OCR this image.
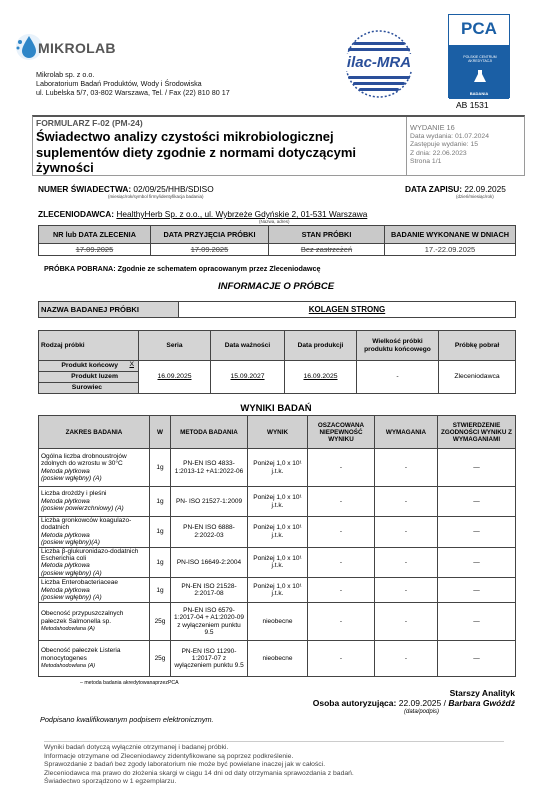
MIKROLAB
Mikrolab sp. z o.o.
Laboratorium Badań Produktów, Wody i Środowiska
ul. Lubelska 5/7, 03-802 Warszawa, Tel. / Fax (22) 810 80 17
ilac-MRA
PCA
POLSKIE CENTRUM AKREDYTACJI
BADANIA
AB 1531
FORMULARZ F-02 (PM-24)
Świadectwo analizy czystości mikrobiologicznej suplementów diety zgodnie z normami dotyczącymi żywności
WYDANIE 16
Data wydania: 01.07.2024
Zastępuje wydanie: 15
Z dnia: 22.06.2023
Strona 1/1
NUMER ŚWIADECTWA: 02/09/25/HHB/SDISO
(miesiąc/rok/symbol firmy/identyfikacja badania)
DATA ZAPISU: 22.09.2025
(dzień/miesiąc/rok)
ZLECENIODAWCA: HealthyHerb Sp. z o.o., ul. Wybrzeże Gdyńskie 2, 01-531 Warszawa
(Nazwa, adres)
NR lub DATA ZLECENIA	DATA PRZYJĘCIA PRÓBKI	STAN PRÓBKI	BADANIE WYKONANE W DNIACH
17.09.2025	17.09.2025	Bez zastrzeżeń	17.-22.09.2025
PRÓBKA POBRANA: Zgodnie ze schematem opracowanym przez Zleceniodawcę
INFORMACJE O PRÓBCE
NAZWA BADANEJ PRÓBKI	KOLAGEN STRONG
Rodzaj próbki	Seria	Data ważności	Data produkcji	Wielkość próbki produktu końcowego	Próbkę pobrał
Produkt końcowy X	16.09.2025	15.09.2027	16.09.2025	-	Zleceniodawca
Produkt luzem					
Surowiec					
WYNIKI BADAŃ
ZAKRES BADANIA	W	METODA BADANIA	WYNIK	OSZACOWANA NIEPEWNOŚĆ WYNIKU	WYMAGANIA	STWIERDZENIE ZGODNOŚCI WYNIKU Z WYMAGANIAMI
Ogólna liczba drobnoustrojów zdolnych do wzrostu w 30°C
Metoda płytkowa
(posiew wgłębny) (A)	1g	PN-EN ISO 4833-1:2013-12 +A1:2022-06	Poniżej 1,0 x 10¹ j.t.k.	-	-	—
Liczba drożdży i pleśni
Metoda płytkowa
(posiew powierzchniowy) (A)	1g	PN- ISO 21527-1:2009	Poniżej 1,0 x 10¹ j.t.k.	-	-	—
Liczba gronkowców koagulazo-dodatnich
Metoda płytkowa
(posiew wgłębny)(A)	1g	PN-EN ISO 6888-2:2022-03	Poniżej 1,0 x 10¹ j.t.k.	-	-	—
Liczba β-glukuronidazo-dodatnich Escherichia coli
Metoda płytkowa
(posiew wgłębny) (A)	1g	PN-ISO 16649-2:2004	Poniżej 1,0 x 10¹ j.t.k.	-	-	—
Liczba Enterobacteriaceae
Metoda płytkowa
(posiew wgłębny) (A)	1g	PN-EN ISO 21528-2:2017-08	Poniżej 1,0 x 10¹ j.t.k.	-	-	—
Obecność przypuszczalnych pałeczek Salmonella sp.
Metodahodowlana (A)	25g	PN-EN ISO 6579-1:2017-04 + A1:2020-09 z wyłączeniem punktu 9.5	nieobecne	-	-	—
Obecność pałeczek Listeria monocytogenes
Metodahodowlana (A)	25g	PN-EN ISO 11290-1:2017-07 z wyłączeniem punktu 9.5	nieobecne	-	-	—
– metoda badania akredytowanaprzezPCA
Starszy Analityk
Osoba autoryzująca: 22.09.2025 / Barbara Gwóźdź
(data/podpis)
Podpisano kwalifikowanym podpisem elektronicznym.
Wyniki badań dotyczą wyłącznie otrzymanej i badanej próbki.
Informacje otrzymane od Zleceniodawcy zidentyfikowane są poprzez podkreślenie.
Sprawozdanie z badań bez zgody laboratorium nie może być powielane inaczej jak w całości.
Zleceniodawca ma prawo do złożenia skargi w ciągu 14 dni od daty otrzymania sprawozdania z badań.
Świadectwo sporządzono w 1 egzemplarzu.
